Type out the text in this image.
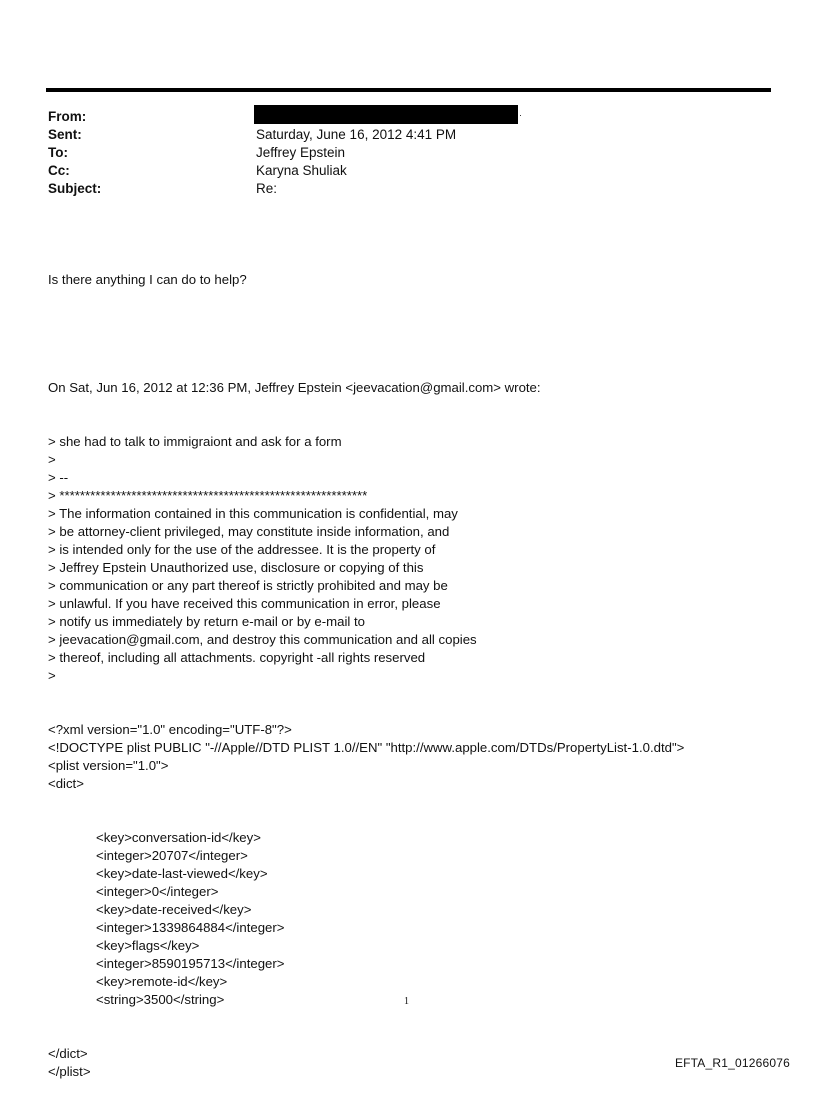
From:	·
Sent:	Saturday, June 16, 2012 4:41 PM
To:	Jeffrey Epstein
Cc:	Karyna Shuliak
Subject:	Re:

Is there anything I can do to help?

On Sat, Jun 16, 2012 at 12:36 PM, Jeffrey Epstein <jeevacation@gmail.com> wrote:

> she had to talk to immigraiont and ask for a form
>
> --
> ************************************************************
> The information contained in this communication is confidential, may
> be attorney-client privileged, may constitute inside information, and
> is intended only for the use of the addressee. It is the property of
> Jeffrey Epstein Unauthorized use, disclosure or copying of this
> communication or any part thereof is strictly prohibited and may be
> unlawful. If you have received this communication in error, please
> notify us immediately by return e-mail or by e-mail to
> jeevacation@gmail.com, and destroy this communication and all copies
> thereof, including all attachments. copyright -all rights reserved
>

<?xml version="1.0" encoding="UTF-8"?>
<!DOCTYPE plist PUBLIC "-//Apple//DTD PLIST 1.0//EN" "http://www.apple.com/DTDs/PropertyList-1.0.dtd">
<plist version="1.0">
<dict>

<key>conversation-id</key>
<integer>20707</integer>
<key>date-last-viewed</key>
<integer>0</integer>
<key>date-received</key>
<integer>1339864884</integer>
<key>flags</key>
<integer>8590195713</integer>
<key>remote-id</key>
<string>3500</string>

</dict>
</plist>

1
EFTA_R1_01266076
